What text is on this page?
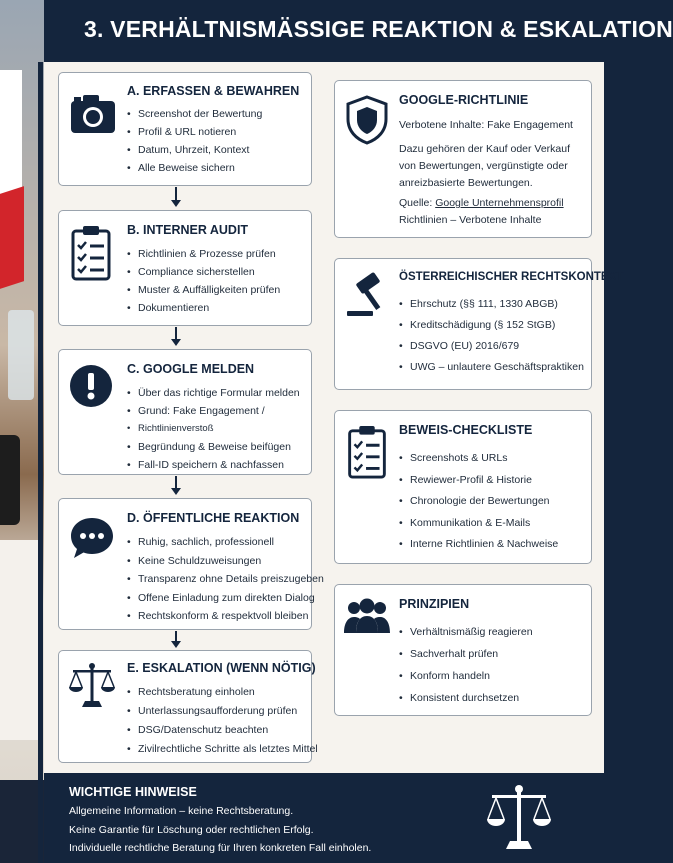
3. VERHÄLTNISMÄSSIGE REAKTION & ESKALATION
A. ERFASSEN & BEWAHREN
• Screenshot der Bewertung
• Profil & URL notieren
• Datum, Uhrzeit, Kontext
• Alle Beweise sichern
B. INTERNER AUDIT
• Richtlinien & Prozesse prüfen
• Compliance sicherstellen
• Muster & Auffälligkeiten prüfen
• Dokumentieren
C. GOOGLE MELDEN
• Über das richtige Formular melden
• Grund: Fake Engagement /
• Richtlinienverstoß
• Begründung & Beweise beifügen
• Fall-ID speichern & nachfassen
D. ÖFFENTLICHE REAKTION
• Ruhig, sachlich, professionell
• Keine Schuldzuweisungen
• Transparenz ohne Details preiszugeben
• Offene Einladung zum direkten Dialog
• Rechtskonform & respektvoll bleiben
E. ESKALATION (WENN NÖTIG)
• Rechtsberatung einholen
• Unterlassungsaufforderung prüfen
• DSG/Datenschutz beachten
• Zivilrechtliche Schritte als letztes Mittel
GOOGLE-RICHTLINIE
Verbotene Inhalte: Fake Engagement
Dazu gehören der Kauf oder Verkauf
von Bewertungen, vergünstigte oder
anreizbasierte Bewertungen.
Quelle: Google Unternehmensprofil
Richtlinien – Verbotene Inhalte
ÖSTERREICHISCHER RECHTSKONTEXT
• Ehrschutz (§§ 111, 1330 ABGB)
• Kreditschädigung (§ 152 StGB)
• DSGVO (EU) 2016/679
• UWG – unlautere Geschäftspraktiken
BEWEIS-CHECKLISTE
• Screenshots & URLs
• Rewiewer-Profil & Historie
• Chronologie der Bewertungen
• Kommunikation & E-Mails
• Interne Richtlinien & Nachweise
PRINZIPIEN
• Verhältnismäßig reagieren
• Sachverhalt prüfen
• Konform handeln
• Konsistent durchsetzen
WICHTIGE HINWEISE
Allgemeine Information – keine Rechtsberatung.
Keine Garantie für Löschung oder rechtlichen Erfolg.
Individuelle rechtliche Beratung für Ihren konkreten Fall einholen.
